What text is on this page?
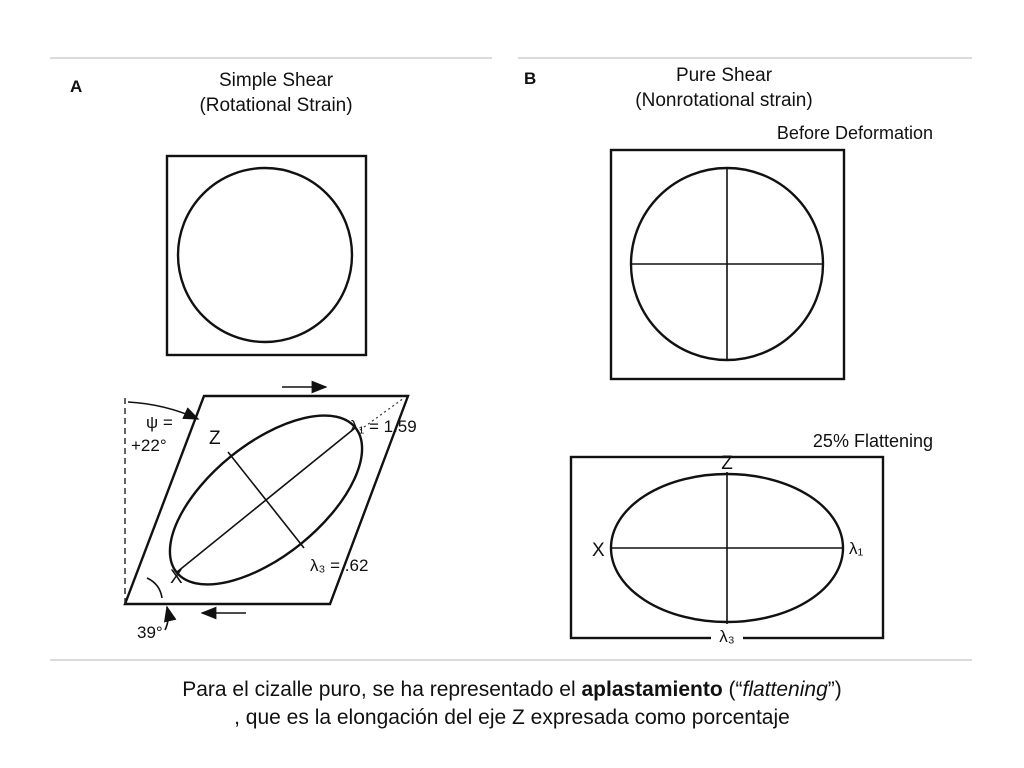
A	Simple Shear
(Rotational Strain)
ψ =
+22° Z
X
λ₁ = 1.59
λ₃ = .62
39°
B	Pure Shear
(Nonrotational strain)
Before Deformation
25% Flattening
Z
X	λ₁
λ₃
Para el cizalle puro, se ha representado el aplastamiento (“flattening”)
, que es la elongación del eje Z expresada como porcentaje
